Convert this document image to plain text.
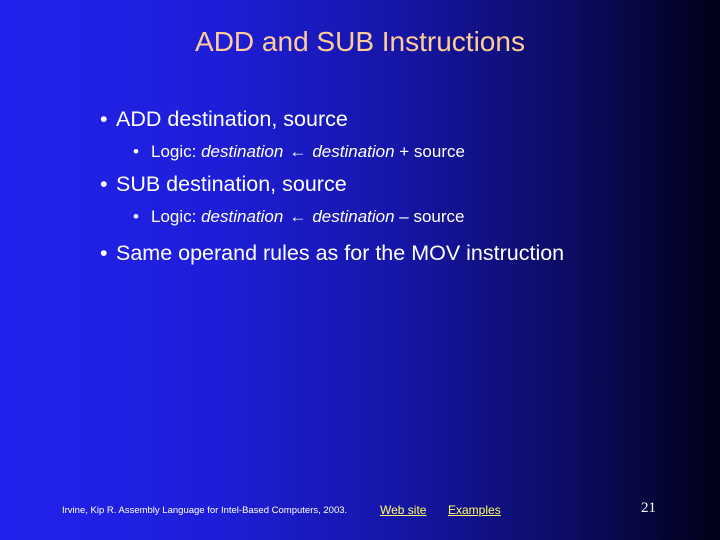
ADD and SUB Instructions
• ADD destination, source
• Logic: destination ← destination + source
• SUB destination, source
• Logic: destination ← destination – source
• Same operand rules as for the MOV instruction
Irvine, Kip R. Assembly Language for Intel-Based Computers, 2003.	Web site Examples	21
